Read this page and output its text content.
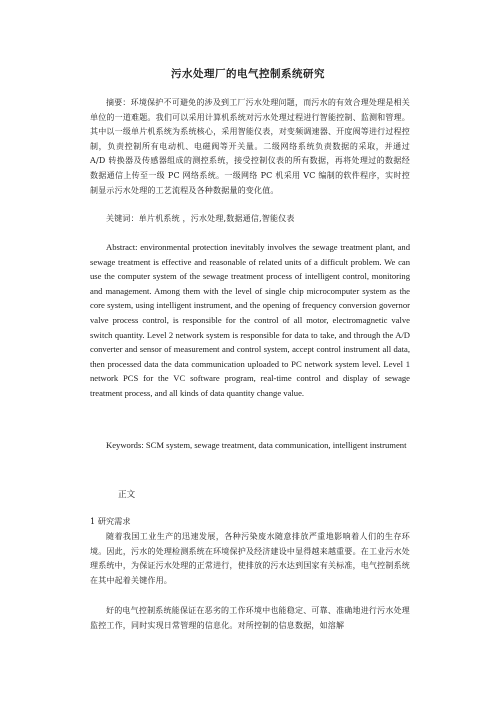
污水处理厂的电气控制系统研究
摘要：环境保护不可避免的涉及到工厂污水处理问题，而污水的有效合理处理是相关单位的一道难题。我们可以采用计算机系统对污水处理过程进行智能控制、监测和管理。其中以一级单片机系统为系统核心，采用智能仪表，对变频调速器、开度阀等进行过程控制，负责控制所有电动机、电磁阀等开关量。二级网络系统负责数据的采取，并通过 A/D 转换器及传感器组成的测控系统，接受控制仪表的所有数据，再将处理过的数据经数据通信上传至一级 PC 网络系统。一级网络 PC 机采用 VC 编制的软件程序，实时控制显示污水处理的工艺流程及各种数据量的变化值。
关键词：单片机系统 ，污水处理,数据通信,智能仪表
Abstract: environmental protection inevitably involves the sewage treatment plant, and sewage treatment is effective and reasonable of related units of a difficult problem. We can use the computer system of the sewage treatment process of intelligent control, monitoring and management. Among them with the level of single chip microcomputer system as the core system, using intelligent instrument, and the opening of frequency conversion governor valve process control, is responsible for the control of all motor, electromagnetic valve switch quantity. Level 2 network system is responsible for data to take, and through the A/D converter and sensor of measurement and control system, accept control instrument all data, then processed data the data communication uploaded to PC network system level. Level 1 network PCS for the VC software program, real-time control and display of sewage treatment process, and all kinds of data quantity change value.
Keywords: SCM system, sewage treatment, data communication, intelligent instrument
正文
1 研究需求
随着我国工业生产的迅速发展，各种污染废水随意排放严重地影响着人们的生存环境。因此，污水的处理检测系统在环境保护及经济建设中显得越来越重要。在工业污水处理系统中，为保证污水处理的正常进行，使排放的污水达到国家有关标准，电气控制系统在其中起着关键作用。
好的电气控制系统能保证在恶劣的工作环境中也能稳定、可靠、准确地进行污水处理监控工作，同时实现日常管理的信息化。对所控制的信息数据，如溶解
